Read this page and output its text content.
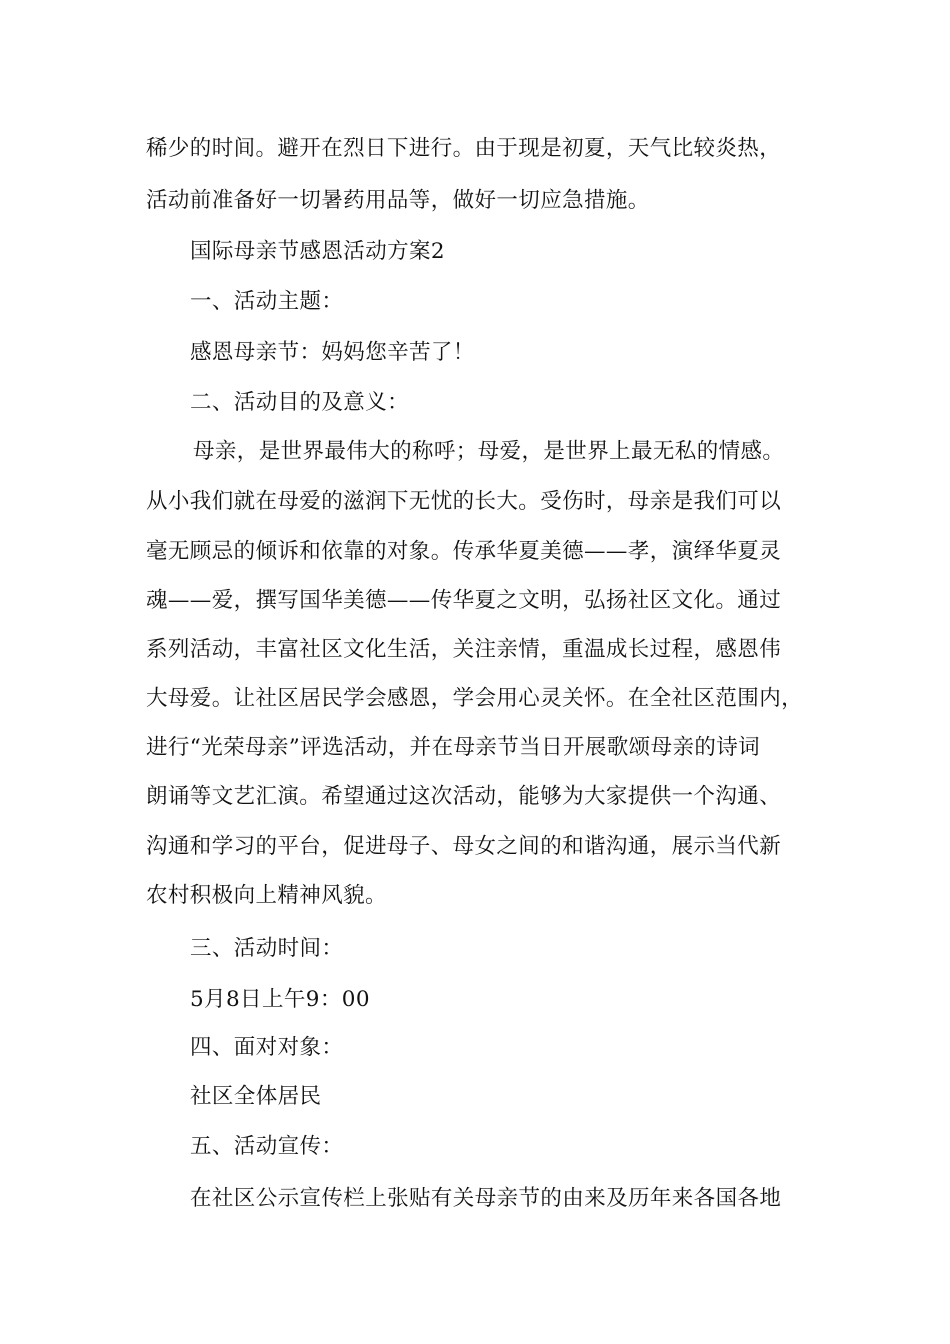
稀少的时间。避开在烈日下进行。由于现是初夏，天气比较炎热，
活动前准备好一切暑药用品等，做好一切应急措施。
国际母亲节感恩活动方案2
一、活动主题：
感恩母亲节：妈妈您辛苦了！
二、活动目的及意义：
母亲，是世界最伟大的称呼；母爱，是世界上最无私的情感。
从小我们就在母爱的滋润下无忧的长大。受伤时，母亲是我们可以
毫无顾忌的倾诉和依靠的对象。传承华夏美德——孝，演绎华夏灵
魂——爱，撰写国华美德——传华夏之文明，弘扬社区文化。通过
系列活动，丰富社区文化生活，关注亲情，重温成长过程，感恩伟
大母爱。让社区居民学会感恩，学会用心灵关怀。在全社区范围内，
进行“光荣母亲”评选活动，并在母亲节当日开展歌颂母亲的诗词
朗诵等文艺汇演。希望通过这次活动，能够为大家提供一个沟通、
沟通和学习的平台，促进母子、母女之间的和谐沟通，展示当代新
农村积极向上精神风貌。
三、活动时间：
5月8日上午9：00
四、面对对象：
社区全体居民
五、活动宣传：
在社区公示宣传栏上张贴有关母亲节的由来及历年来各国各地
